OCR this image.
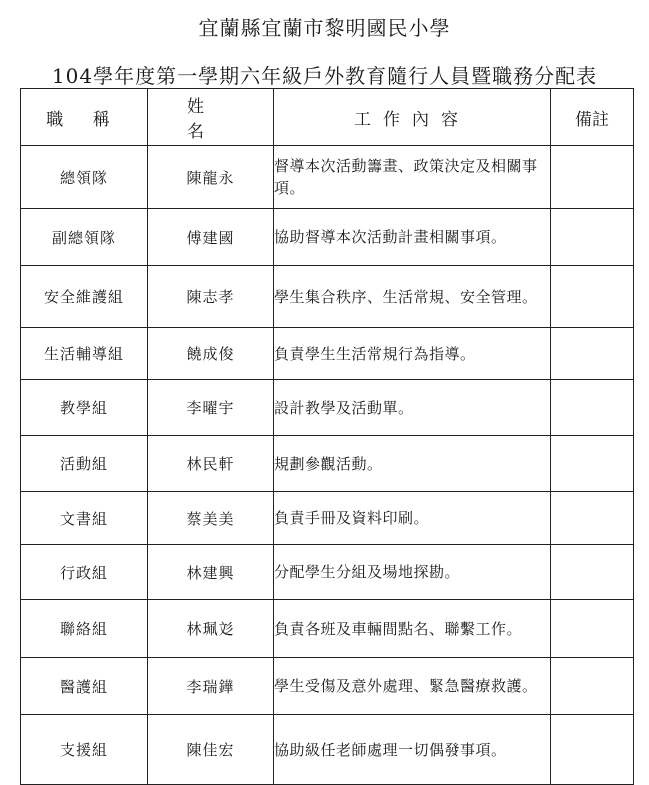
宜蘭縣宜蘭市黎明國民小學
104學年度第一學期六年級戶外教育隨行人員暨職務分配表
職 稱	姓 名	工作內容	備註
總領隊	陳龍永	督導本次活動籌畫、政策決定及相關事項。	
副總領隊	傅建國	協助督導本次活動計畫相關事項。	
安全維護組	陳志孝	學生集合秩序、生活常規、安全管理。	
生活輔導組	饒成俊	負責學生生活常規行為指導。	
教學組	李曜宇	設計教學及活動單。	
活動組	林民軒	規劃參觀活動。	
文書組	蔡美美	負責手冊及資料印刷。	
行政組	林建興	分配學生分組及場地探勘。	
聯絡組	林珮彣	負責各班及車輛間點名、聯繫工作。	
醫護組	李瑞鏵	學生受傷及意外處理、緊急醫療救護。	
支援組	陳佳宏	協助級任老師處理一切偶發事項。	
